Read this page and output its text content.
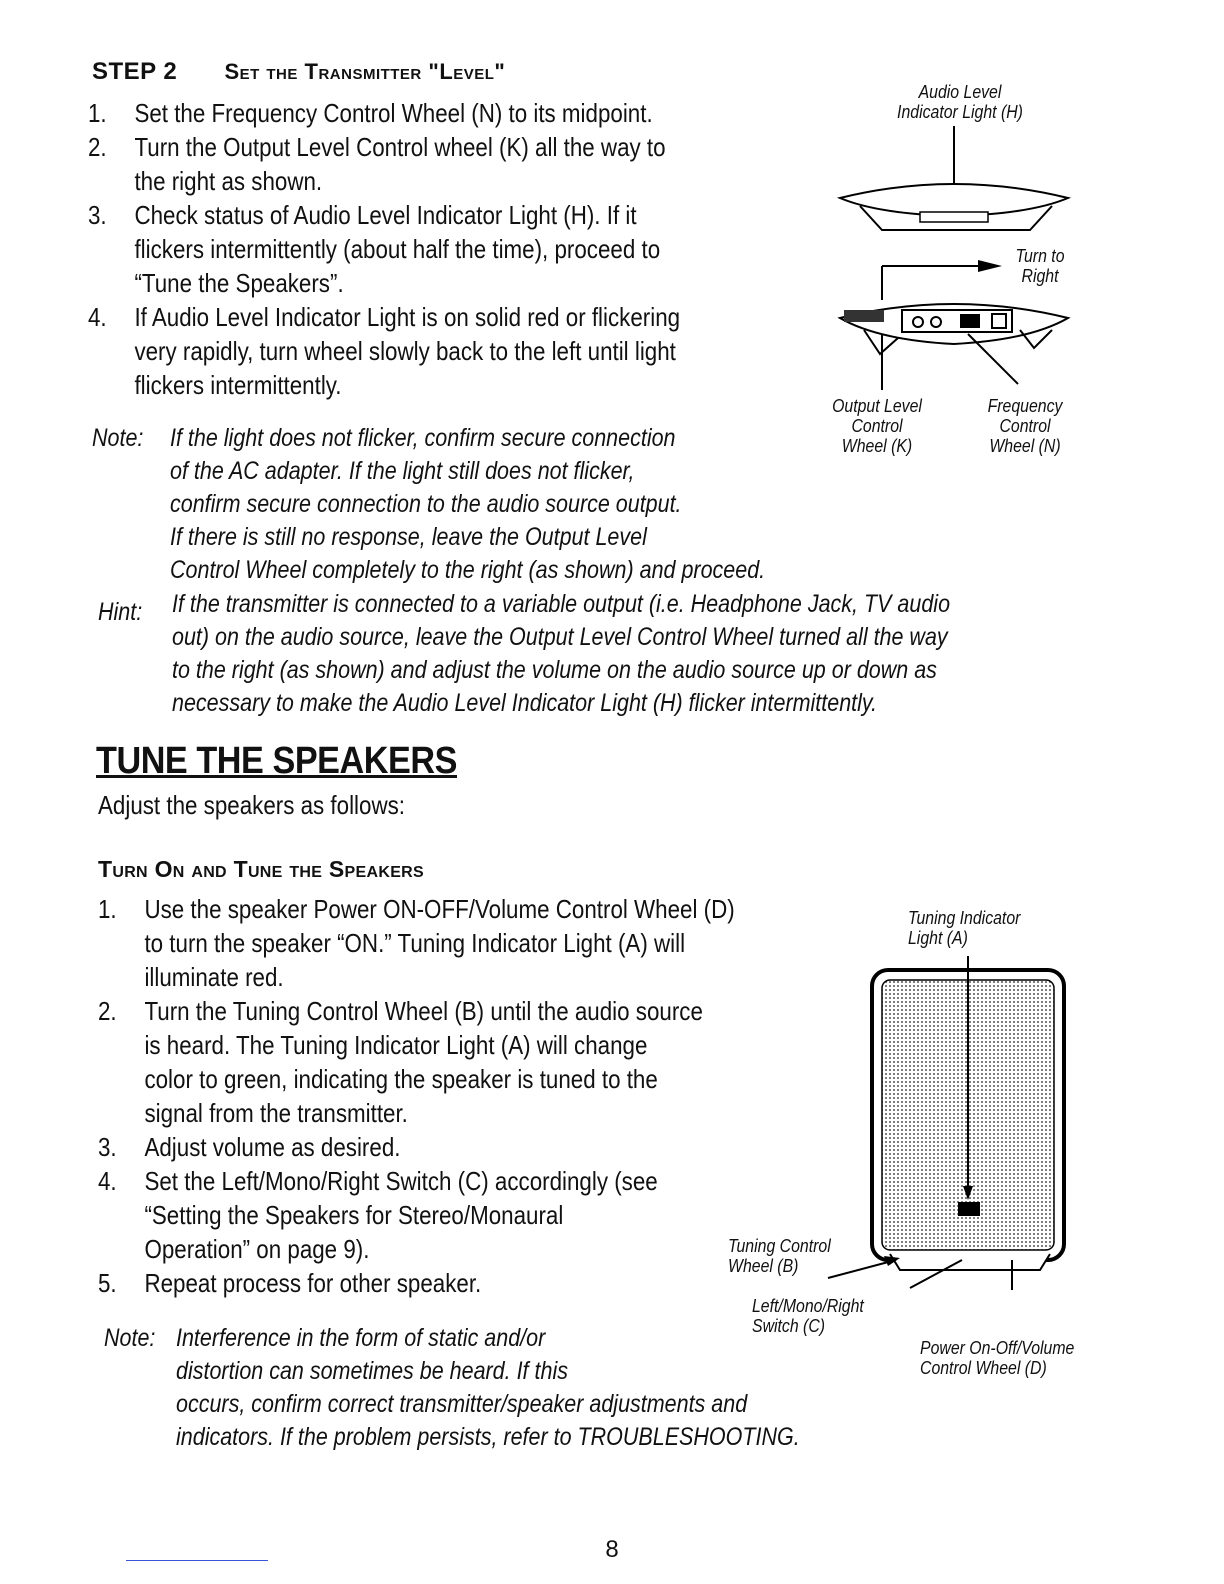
STEP 2 Set the Transmitter "Level"
1.	Set the Frequency Control Wheel (N) to its midpoint.
2.	Turn the Output Level Control wheel (K) all the way to
the right as shown.
3.	Check status of Audio Level Indicator Light (H). If it
flickers intermittently (about half the time), proceed to
“Tune the Speakers”.
4.	If Audio Level Indicator Light is on solid red or flickering
very rapidly, turn wheel slowly back to the left until light
flickers intermittently.
Note: If the light does not flicker, confirm secure connection
of the AC adapter. If the light still does not flicker,
confirm secure connection to the audio source output.
If there is still no response, leave the Output Level
Control Wheel completely to the right (as shown) and proceed.
Hint: If the transmitter is connected to a variable output (i.e. Headphone Jack, TV audio
out) on the audio source, leave the Output Level Control Wheel turned all the way
to the right (as shown) and adjust the volume on the audio source up or down as
necessary to make the Audio Level Indicator Light (H) flicker intermittently.
Audio Level
Indicator Light (H)
Turn to
Right
Output Level
Control
Wheel (K)
Frequency
Control
Wheel (N)
TUNE THE SPEAKERS
Adjust the speakers as follows:
Turn On and Tune the Speakers
1.	Use the speaker Power ON-OFF/Volume Control Wheel (D)
to turn the speaker “ON.” Tuning Indicator Light (A) will
illuminate red.
2.	Turn the Tuning Control Wheel (B) until the audio source
is heard. The Tuning Indicator Light (A) will change
color to green, indicating the speaker is tuned to the
signal from the transmitter.
3.	Adjust volume as desired.
4.	Set the Left/Mono/Right Switch (C) accordingly (see
“Setting the Speakers for Stereo/Monaural
Operation” on page 9).
5.	Repeat process for other speaker.
Note: Interference in the form of static and/or
distortion can sometimes be heard. If this
occurs, confirm correct transmitter/speaker adjustments and
indicators. If the problem persists, refer to TROUBLESHOOTING.
Tuning Indicator
Light (A)
Tuning Control
Wheel (B)
Left/Mono/Right
Switch (C)
Power On-Off/Volume
Control Wheel (D)
8
